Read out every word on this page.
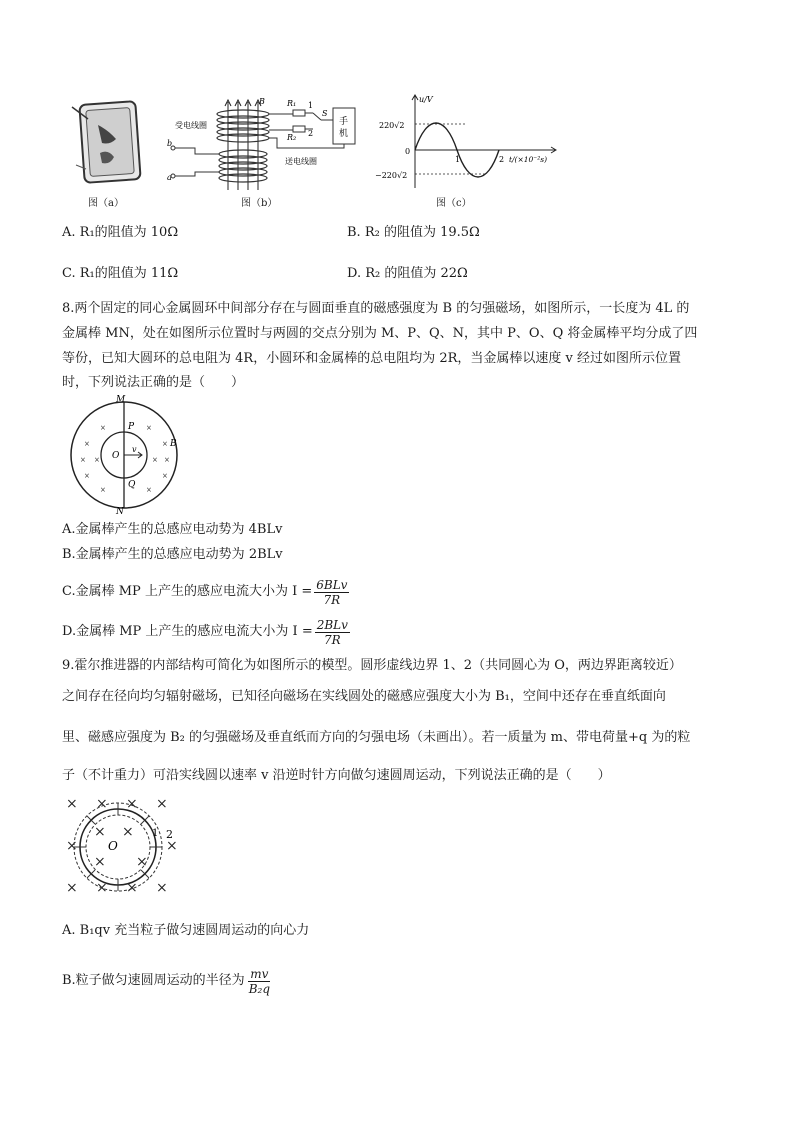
图（a）
R₁
R₂
1
2
S
手
机
受电线圈
送电线圈
b
a
B
图（b）
u/V
220√2
0
−220√2
1	2 t/(×10⁻²s)
图（c）
A. R₁的阻值为 10Ω	B. R₂ 的阻值为 19.5Ω
C. R₁的阻值为 11Ω	D. R₂ 的阻值为 22Ω
8.两个固定的同心金属圆环中间部分存在与圆面垂直的磁感强度为 B 的匀强磁场，如图所示，一长度为 4L 的
金属棒 MN，处在如图所示位置时与两圆的交点分别为 M、P、Q、N，其中 P、O、Q 将金属棒平均分成了四
等份，已知大圆环的总电阻为 4R，小圆环和金属棒的总电阻均为 2R，当金属棒以速度 v 经过如图所示位置
时，下列说法正确的是（　　）
×	×
×	×
×	×
×	×
×	×
×	×
M
N
P
Q
O
B
v
A.金属棒产生的总感应电动势为 4BLv
B.金属棒产生的总感应电动势为 2BLv
C.金属棒 MP 上产生的感应电流大小为 $I = \frac{\text{6BLv}}{7R}$
D.金属棒 MP 上产生的感应电流大小为 $I = \frac{\text{2BLv}}{7R}$
9.霍尔推进器的内部结构可简化为如图所示的模型。圆形虚线边界 1、2（共同圆心为 O，两边界距离较近）
之间存在径向均匀辐射磁场，已知径向磁场在实线圆处的磁感应强度大小为 B₁，空间中还存在垂直纸面向
里、磁感应强度为 B₂ 的匀强磁场及垂直纸而方向的匀强电场（未画出）。若一质量为 m、带电荷量+q 为的粒
子（不计重力）可沿实线圆以速率 v 沿逆时针方向做匀速圆周运动，下列说法正确的是（　　）
× × × ×
× × × ×
×	×
× ×
× ×
O
1 2
A. B₁qv 充当粒子做匀速圆周运动的向心力
B.粒子做匀速圆周运动的半径为 $\frac{mv}{\text{B₂q}}$
